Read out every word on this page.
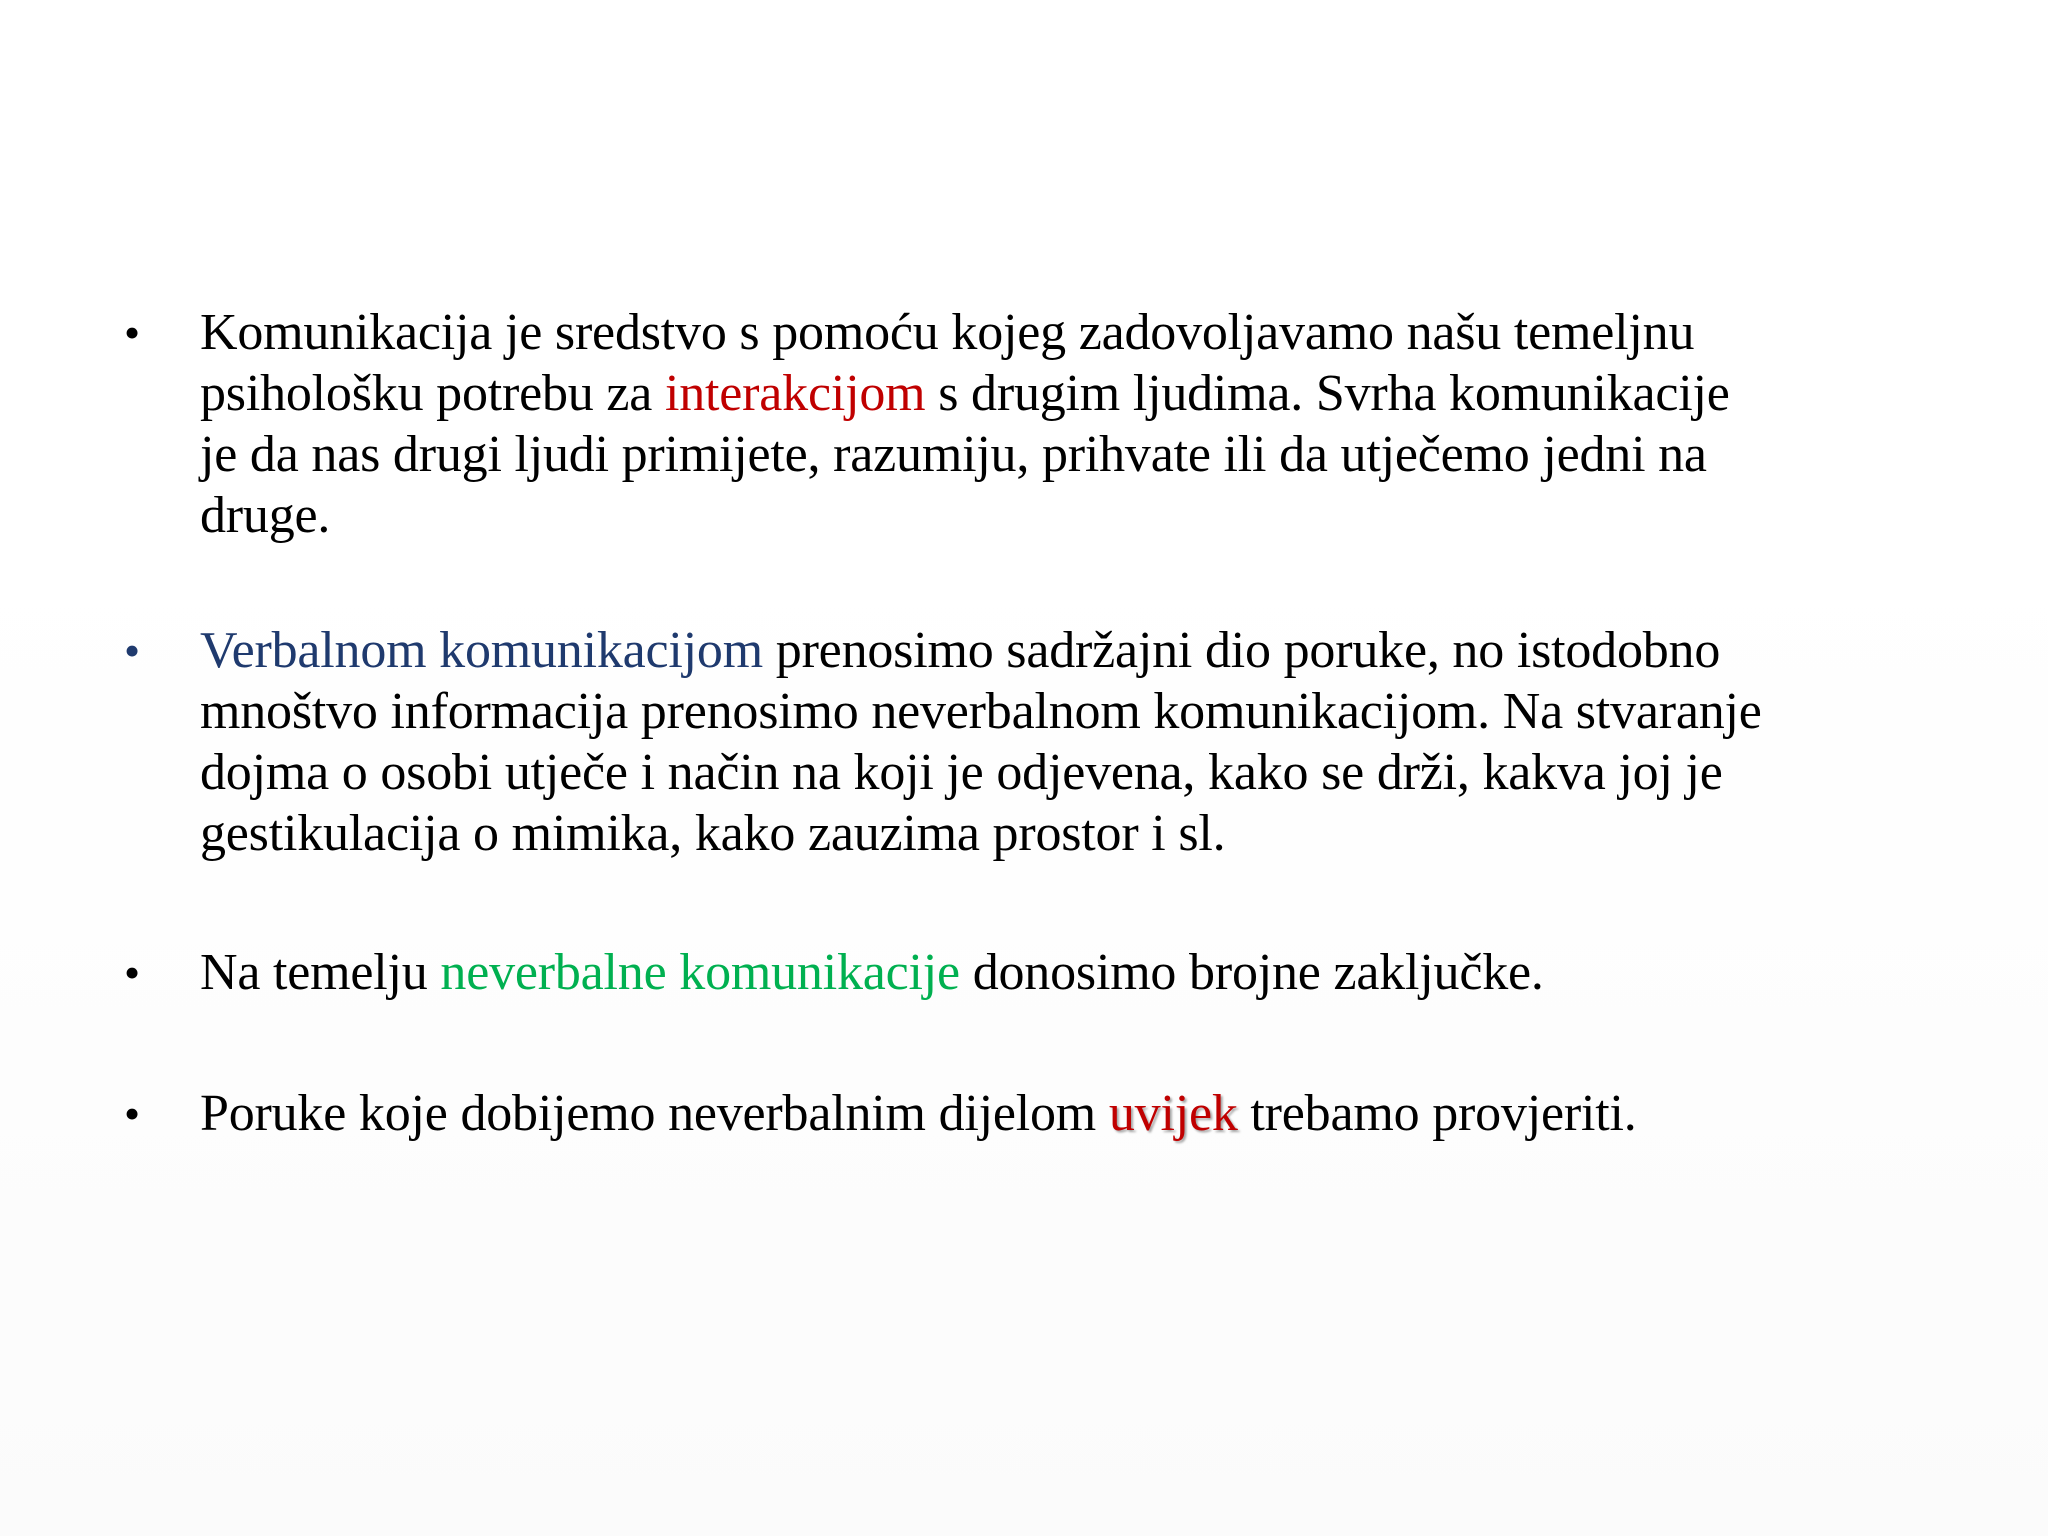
• Komunikacija je sredstvo s pomoću kojeg zadovoljavamo našu temeljnu
psihološku potrebu za interakcijom s drugim ljudima. Svrha komunikacije
je da nas drugi ljudi primijete, razumiju, prihvate ili da utječemo jedni na
druge.
• Verbalnom komunikacijom prenosimo sadržajni dio poruke, no istodobno
mnoštvo informacija prenosimo neverbalnom komunikacijom. Na stvaranje
dojma o osobi utječe i način na koji je odjevena, kako se drži, kakva joj je
gestikulacija o mimika, kako zauzima prostor i sl.
• Na temelju neverbalne komunikacije donosimo brojne zaključke.
• Poruke koje dobijemo neverbalnim dijelom uvijek trebamo provjeriti.
